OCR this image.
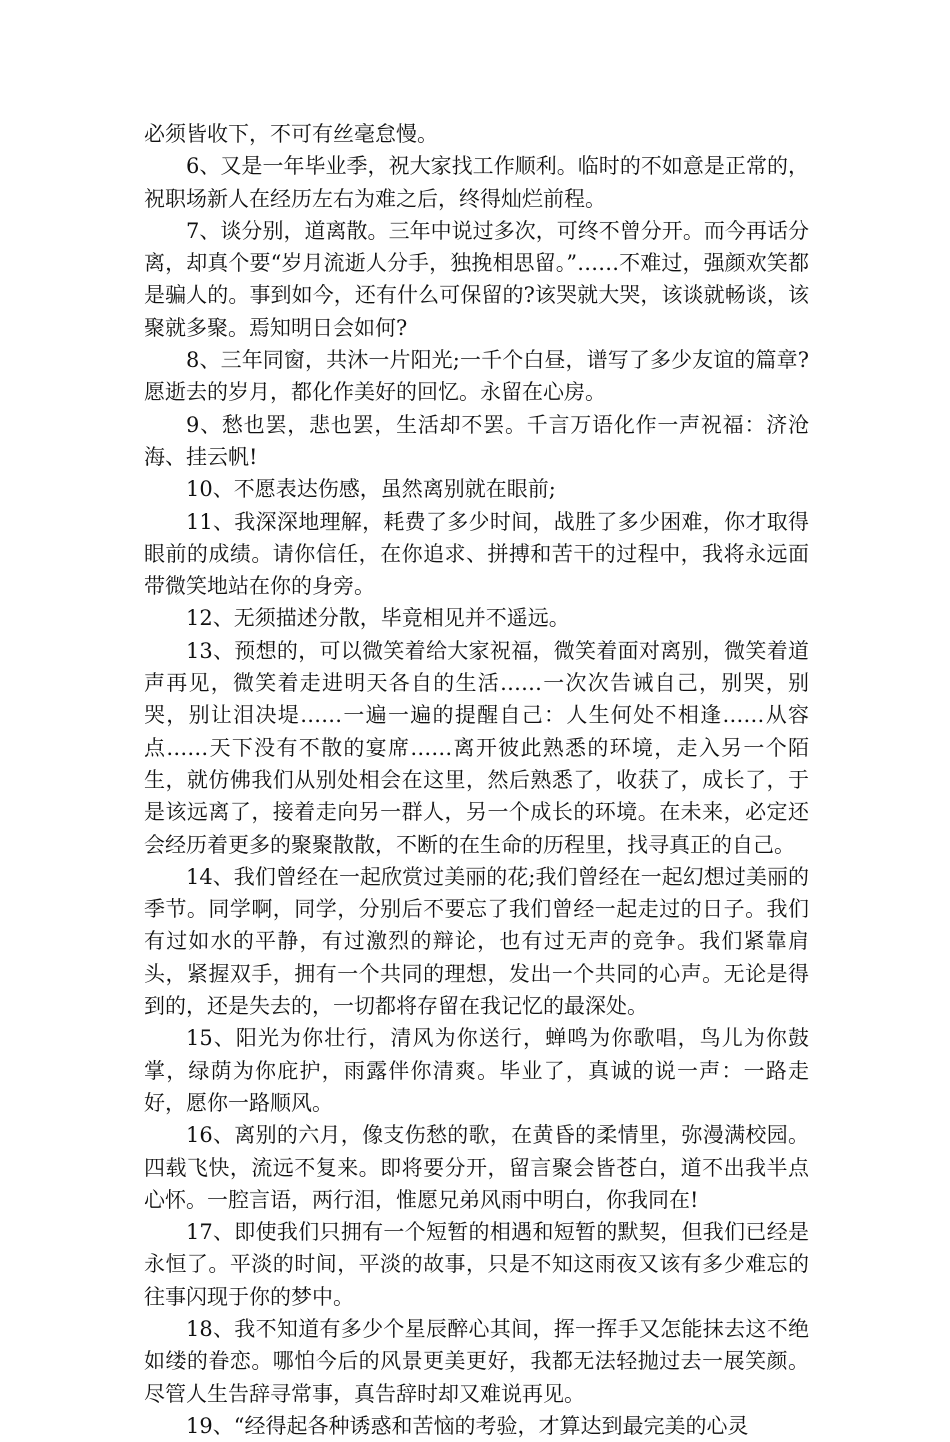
必须皆收下，不可有丝毫怠慢。

6、又是一年毕业季，祝大家找工作顺利。临时的不如意是正常的，祝职场新人在经历左右为难之后，终得灿烂前程。

7、谈分别，道离散。三年中说过多次，可终不曾分开。而今再话分离，却真个要“岁月流逝人分手，独挽相思留。”……不难过，强颜欢笑都是骗人的。事到如今，还有什么可保留的?该哭就大哭，该谈就畅谈，该聚就多聚。焉知明日会如何?

8、三年同窗，共沐一片阳光;一千个白昼，谱写了多少友谊的篇章?愿逝去的岁月，都化作美好的回忆。永留在心房。

9、愁也罢，悲也罢，生活却不罢。千言万语化作一声祝福：济沧海、挂云帆!

10、不愿表达伤感，虽然离别就在眼前;

11、我深深地理解，耗费了多少时间，战胜了多少困难，你才取得眼前的成绩。请你信任，在你追求、拼搏和苦干的过程中，我将永远面带微笑地站在你的身旁。

12、无须描述分散，毕竟相见并不遥远。

13、预想的，可以微笑着给大家祝福，微笑着面对离别，微笑着道声再见，微笑着走进明天各自的生活……一次次告诫自己，别哭，别哭，别让泪决堤……一遍一遍的提醒自己：人生何处不相逢……从容点……天下没有不散的宴席……离开彼此熟悉的环境，走入另一个陌生，就仿佛我们从别处相会在这里，然后熟悉了，收获了，成长了，于是该远离了，接着走向另一群人，另一个成长的环境。在未来，必定还会经历着更多的聚聚散散，不断的在生命的历程里，找寻真正的自己。

14、我们曾经在一起欣赏过美丽的花;我们曾经在一起幻想过美丽的季节。同学啊，同学，分别后不要忘了我们曾经一起走过的日子。我们有过如水的平静，有过激烈的辩论，也有过无声的竞争。我们紧靠肩头，紧握双手，拥有一个共同的理想，发出一个共同的心声。无论是得到的，还是失去的，一切都将存留在我记忆的最深处。

15、阳光为你壮行，清风为你送行，蝉鸣为你歌唱，鸟儿为你鼓掌，绿荫为你庇护，雨露伴你清爽。毕业了，真诚的说一声：一路走好，愿你一路顺风。

16、离别的六月，像支伤愁的歌，在黄昏的柔情里，弥漫满校园。四载飞快，流远不复来。即将要分开，留言聚会皆苍白，道不出我半点心怀。一腔言语，两行泪，惟愿兄弟风雨中明白，你我同在!

17、即使我们只拥有一个短暂的相遇和短暂的默契，但我们已经是永恒了。平淡的时间，平淡的故事，只是不知这雨夜又该有多少难忘的往事闪现于你的梦中。

18、我不知道有多少个星辰醉心其间，挥一挥手又怎能抹去这不绝如缕的眷恋。哪怕今后的风景更美更好，我都无法轻抛过去一展笑颜。尽管人生告辞寻常事，真告辞时却又难说再见。

19、“经得起各种诱惑和苦恼的考验，才算达到最完美的心灵
